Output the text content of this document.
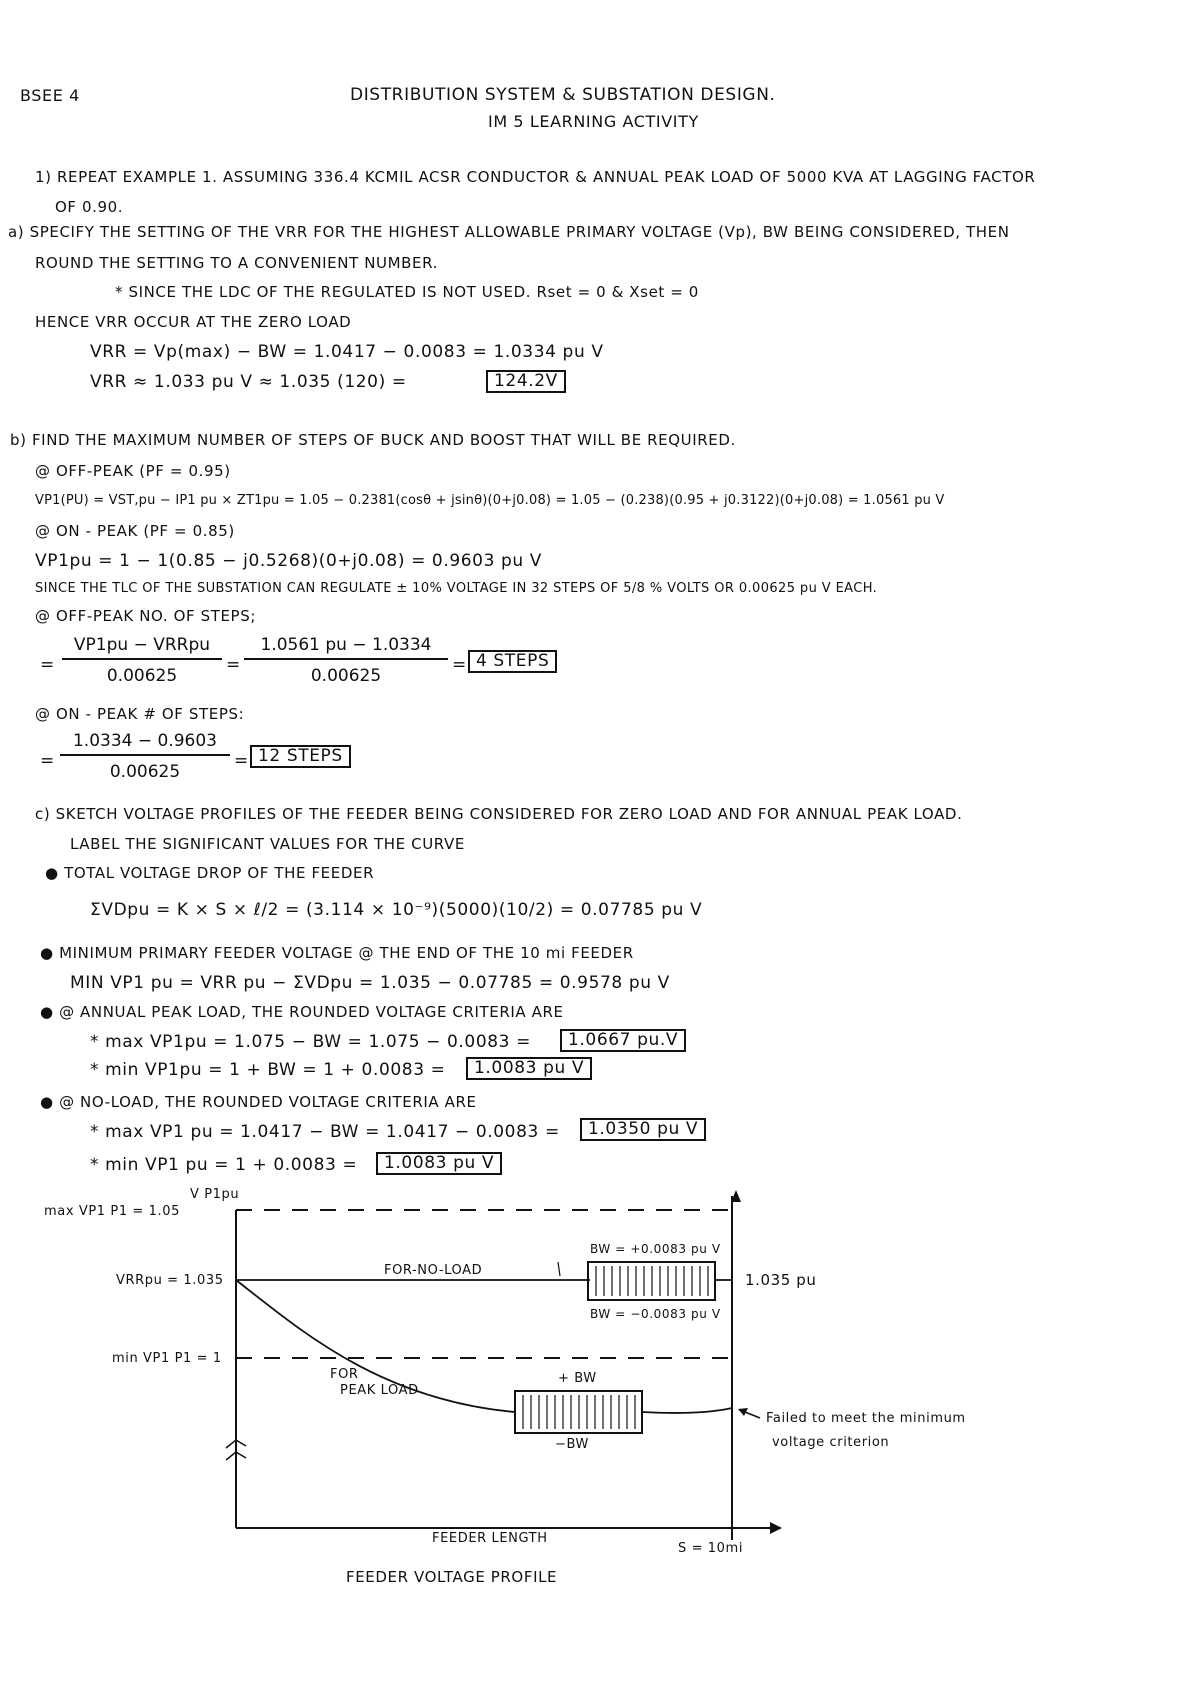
BSEE 4	DISTRIBUTION SYSTEM & SUBSTATION DESIGN.
IM 5 LEARNING ACTIVITY
1) REPEAT EXAMPLE 1. ASSUMING 336.4 KCMIL ACSR CONDUCTOR & ANNUAL PEAK LOAD OF 5000 KVA AT LAGGING FACTOR
OF 0.90.
a) SPECIFY THE SETTING OF THE VRR FOR THE HIGHEST ALLOWABLE PRIMARY VOLTAGE (Vp), BW BEING CONSIDERED, THEN
ROUND THE SETTING TO A CONVENIENT NUMBER.
* SINCE THE LDC OF THE REGULATED IS NOT USED. Rset = 0 & Xset = 0
HENCE VRR OCCUR AT THE ZERO LOAD
VRR = Vp(max) − BW = 1.0417 − 0.0083 = 1.0334 pu V
VRR ≈ 1.033 pu V ≈ 1.035 (120) =	124.2V
b) FIND THE MAXIMUM NUMBER OF STEPS OF BUCK AND BOOST THAT WILL BE REQUIRED.
@ OFF-PEAK (PF = 0.95)
VP1(PU) = VST,pu − IP1 pu × ZT1pu = 1.05 − 0.2381(cosθ + jsinθ)(0+j0.08) = 1.05 − (0.238)(0.95 + j0.3122)(0+j0.08) = 1.0561 pu V
@ ON - PEAK (PF = 0.85)
VP1pu = 1 − 1(0.85 − j0.5268)(0+j0.08) = 0.9603 pu V
SINCE THE TLC OF THE SUBSTATION CAN REGULATE ± 10% VOLTAGE IN 32 STEPS OF 5/8 % VOLTS OR 0.00625 pu V EACH.
@ OFF-PEAK NO. OF STEPS;
=
VP1pu − VRRpu
0.00625
= $\frac{1.0561 pu - 1.0334}{0.00625} = 4$ STEPS
@ ON - PEAK # OF STEPS:
= $\frac{1.0334 - 0.9603}{0.00625} = 12$ STEPS
c) SKETCH VOLTAGE PROFILES OF THE FEEDER BEING CONSIDERED FOR ZERO LOAD AND FOR ANNUAL PEAK LOAD.
LABEL THE SIGNIFICANT VALUES FOR THE CURVE
● TOTAL VOLTAGE DROP OF THE FEEDER
ΣVDpu = K × S × ℓ/2 = (3.114 × 10⁻⁹)(5000)(10/2) = 0.07785 pu V
● MINIMUM PRIMARY FEEDER VOLTAGE @ THE END OF THE 10 mi FEEDER
MIN VP1 pu = VRR pu − ΣVDpu = 1.035 − 0.07785 = 0.9578 pu V
● @ ANNUAL PEAK LOAD, THE ROUNDED VOLTAGE CRITERIA ARE
* max VP1pu = 1.075 − BW = 1.075 − 0.0083 =	1.0667 pu.V
* min VP1pu = 1 + BW = 1 + 0.0083 =	1.0083 pu V
● @ NO-LOAD, THE ROUNDED VOLTAGE CRITERIA ARE
* max VP1 pu = 1.0417 − BW = 1.0417 − 0.0083 =	1.0350 pu V
* min VP1 pu = 1 + 0.0083 =	1.0083 pu V
V P1pu
max VP1 P1 = 1.05
VRRpu = 1.035
min VP1 P1 = 1
FOR-NO-LOAD
BW = +0.0083 pu V
BW = −0.0083 pu V
1.035 pu
FOR
PEAK LOAD
+ BW
−BW
Failed to meet the minimum
voltage criterion
FEEDER LENGTH
S = 10mi
FEEDER VOLTAGE PROFILE
